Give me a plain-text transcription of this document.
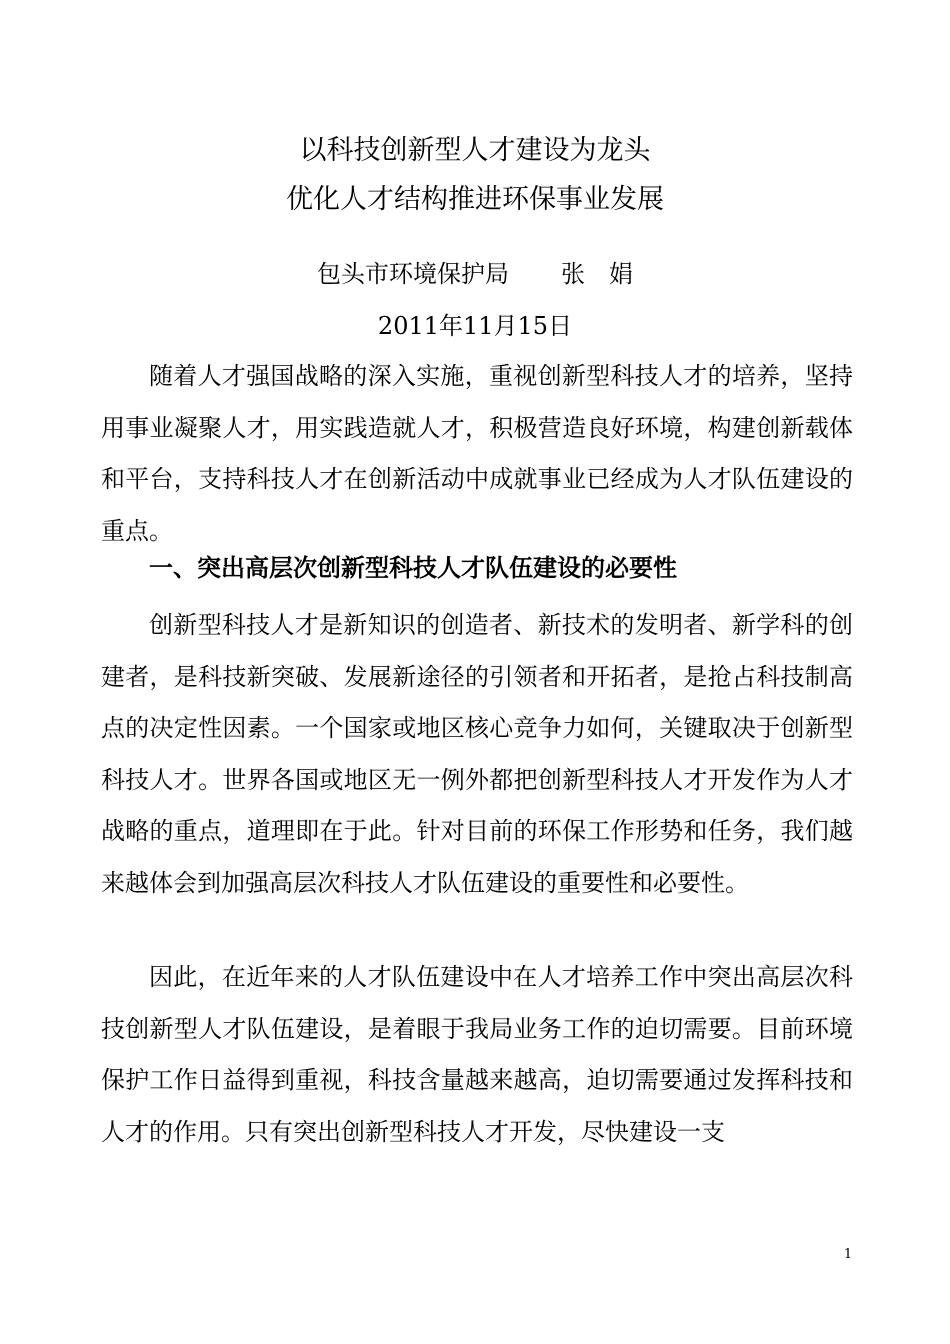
以科技创新型人才建设为龙头
优化人才结构推进环保事业发展
包头市环境保护局 张　娟
2011年11月15日

随着人才强国战略的深入实施，重视创新型科技人才的培养，坚持用事业凝聚人才，用实践造就人才，积极营造良好环境，构建创新载体和平台，支持科技人才在创新活动中成就事业已经成为人才队伍建设的重点。

一、突出高层次创新型科技人才队伍建设的必要性

创新型科技人才是新知识的创造者、新技术的发明者、新学科的创建者，是科技新突破、发展新途径的引领者和开拓者，是抢占科技制高点的决定性因素。一个国家或地区核心竞争力如何，关键取决于创新型科技人才。世界各国或地区无一例外都把创新型科技人才开发作为人才战略的重点，道理即在于此。针对目前的环保工作形势和任务，我们越来越体会到加强高层次科技人才队伍建设的重要性和必要性。

因此，在近年来的人才队伍建设中在人才培养工作中突出高层次科技创新型人才队伍建设，是着眼于我局业务工作的迫切需要。目前环境保护工作日益得到重视，科技含量越来越高，迫切需要通过发挥科技和人才的作用。只有突出创新型科技人才开发，尽快建设一支

1
